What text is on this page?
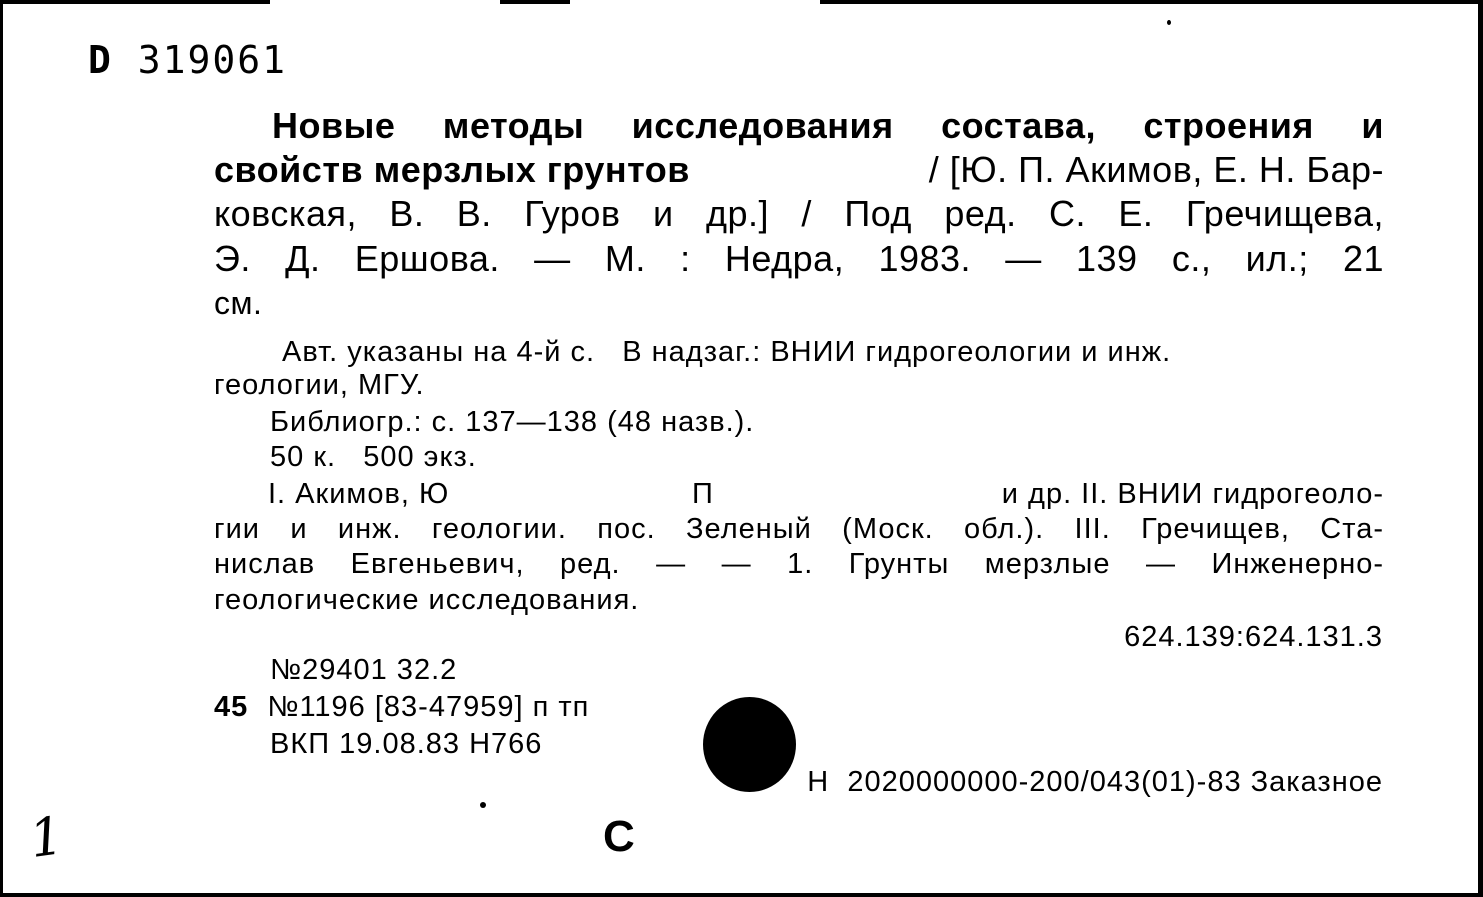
D 319061
Новые методы исследования состава, строения и
свойств мерзлых грунтов	/ [Ю. П. Акимов, Е. Н. Бар-
ковская, В. В. Гуров и др.] / Под ред. С. Е. Гречищева,
Э. Д. Ершова. — М. : Недра, 1983. — 139 с., ил.; 21
см.
Авт. указаны на 4-й с.   В надзаг.: ВНИИ гидрогеологии и инж.
геологии, МГУ.
Библиогр.: с. 137—138 (48 назв.).
50 к.   500 экз.
I. Акимов, Ю	П	и др. II. ВНИИ гидрогеоло-
гии и инж. геологии. пос. Зеленый (Моск. обл.). III. Гречищев, Ста-
нислав Евгеньевич, ред. — — 1. Грунты мерзлые — Инженерно-
геологические исследования.
624.139:624.131.3
№29401 32.2
45 №1196 [83-47959] п тп
ВКП 19.08.83 Н766
Н  2020000000-200/043(01)-83 Заказное
1	С
